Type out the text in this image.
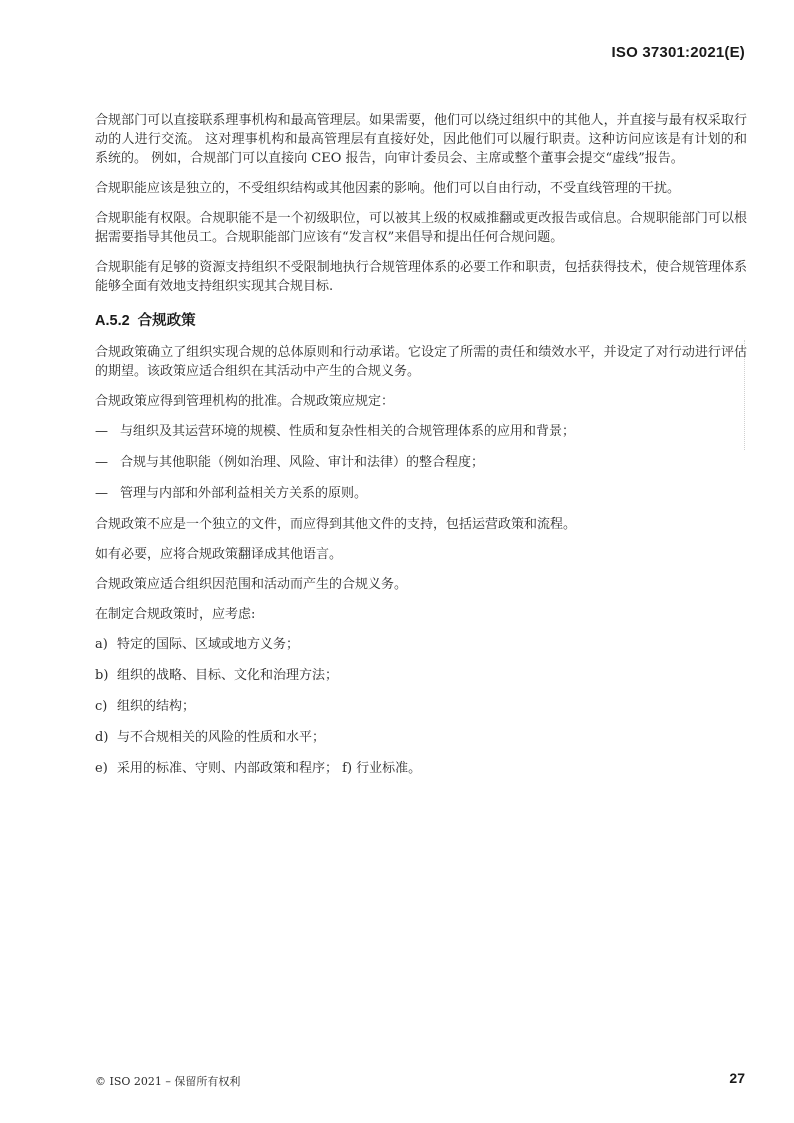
ISO 37301:2021(E)

合规部门可以直接联系理事机构和最高管理层。如果需要，他们可以绕过组织中的其他人，并直接与最有权采取行动的人进行交流。 这对理事机构和最高管理层有直接好处，因此他们可以履行职责。这种访问应该是有计划的和系统的。 例如，合规部门可以直接向 CEO 报告，向审计委员会、主席或整个董事会提交“虚线”报告。

合规职能应该是独立的，不受组织结构或其他因素的影响。他们可以自由行动，不受直线管理的干扰。

合规职能有权限。合规职能不是一个初级职位，可以被其上级的权威推翻或更改报告或信息。合规职能部门可以根据需要指导其他员工。合规职能部门应该有“发言权”来倡导和提出任何合规问题。

合规职能有足够的资源支持组织不受限制地执行合规管理体系的必要工作和职责，包括获得技术，使合规管理体系能够全面有效地支持组织实现其合规目标.

A.5.2 合规政策

合规政策确立了组织实现合规的总体原则和行动承诺。它设定了所需的责任和绩效水平，并设定了对行动进行评估的期望。该政策应适合组织在其活动中产生的合规义务。

合规政策应得到管理机构的批准。合规政策应规定：

— 与组织及其运营环境的规模、性质和复杂性相关的合规管理体系的应用和背景；
— 合规与其他职能（例如治理、风险、审计和法律）的整合程度；
— 管理与内部和外部利益相关方关系的原则。

合规政策不应是一个独立的文件，而应得到其他文件的支持，包括运营政策和流程。

如有必要，应将合规政策翻译成其他语言。

合规政策应适合组织因范围和活动而产生的合规义务。

在制定合规政策时，应考虑:

a) 特定的国际、区域或地方义务；
b) 组织的战略、目标、文化和治理方法；
c) 组织的结构；
d) 与不合规相关的风险的性质和水平；
e) 采用的标准、守则、内部政策和程序； f) 行业标准。
© ISO 2021 – 保留所有权利	27
